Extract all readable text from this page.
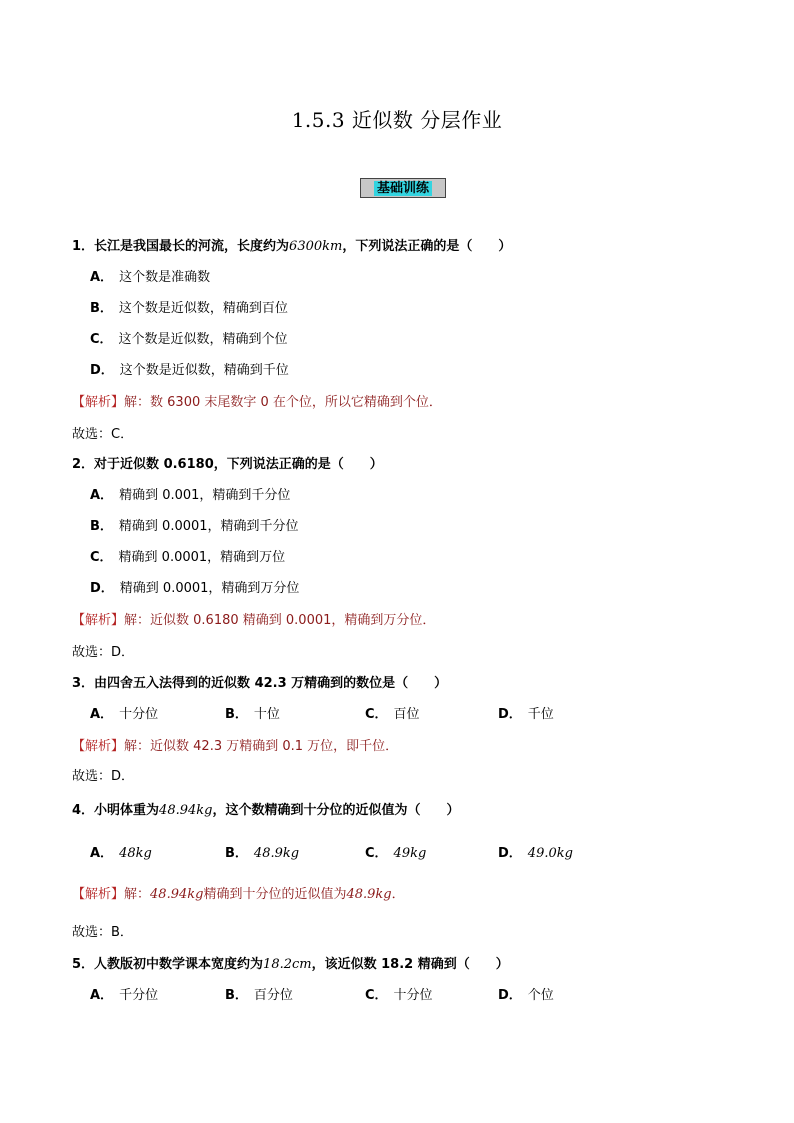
1.5.3 近似数 分层作业
基础训练
1．长江是我国最长的河流，长度约为6300km，下列说法正确的是（　　）
A． 这个数是准确数
B． 这个数是近似数，精确到百位
C． 这个数是近似数，精确到个位
D． 这个数是近似数，精确到千位
【解析】解：数 6300 末尾数字 0 在个位，所以它精确到个位．
故选：C．
2．对于近似数 0.6180，下列说法正确的是（　　）
A． 精确到 0.001，精确到千分位
B． 精确到 0.0001，精确到千分位
C． 精确到 0.0001，精确到万位
D． 精确到 0.0001，精确到万分位
【解析】解：近似数 0.6180 精确到 0.0001，精确到万分位．
故选：D．
3．由四舍五入法得到的近似数 42.3 万精确到的数位是（　　）
A． 十分位	B． 十位	C． 百位	D． 千位
【解析】解：近似数 42.3 万精确到 0.1 万位，即千位．
故选：D．
4．小明体重为48.94kg，这个数精确到十分位的近似值为（　　）
A． 48kg	B． 48.9kg	C． 49kg	D． 49.0kg
【解析】解：48.94kg精确到十分位的近似值为48.9kg．
故选：B．
5．人教版初中数学课本宽度约为18.2cm，该近似数 18.2 精确到（　　）
A． 千分位	B． 百分位	C． 十分位	D． 个位
